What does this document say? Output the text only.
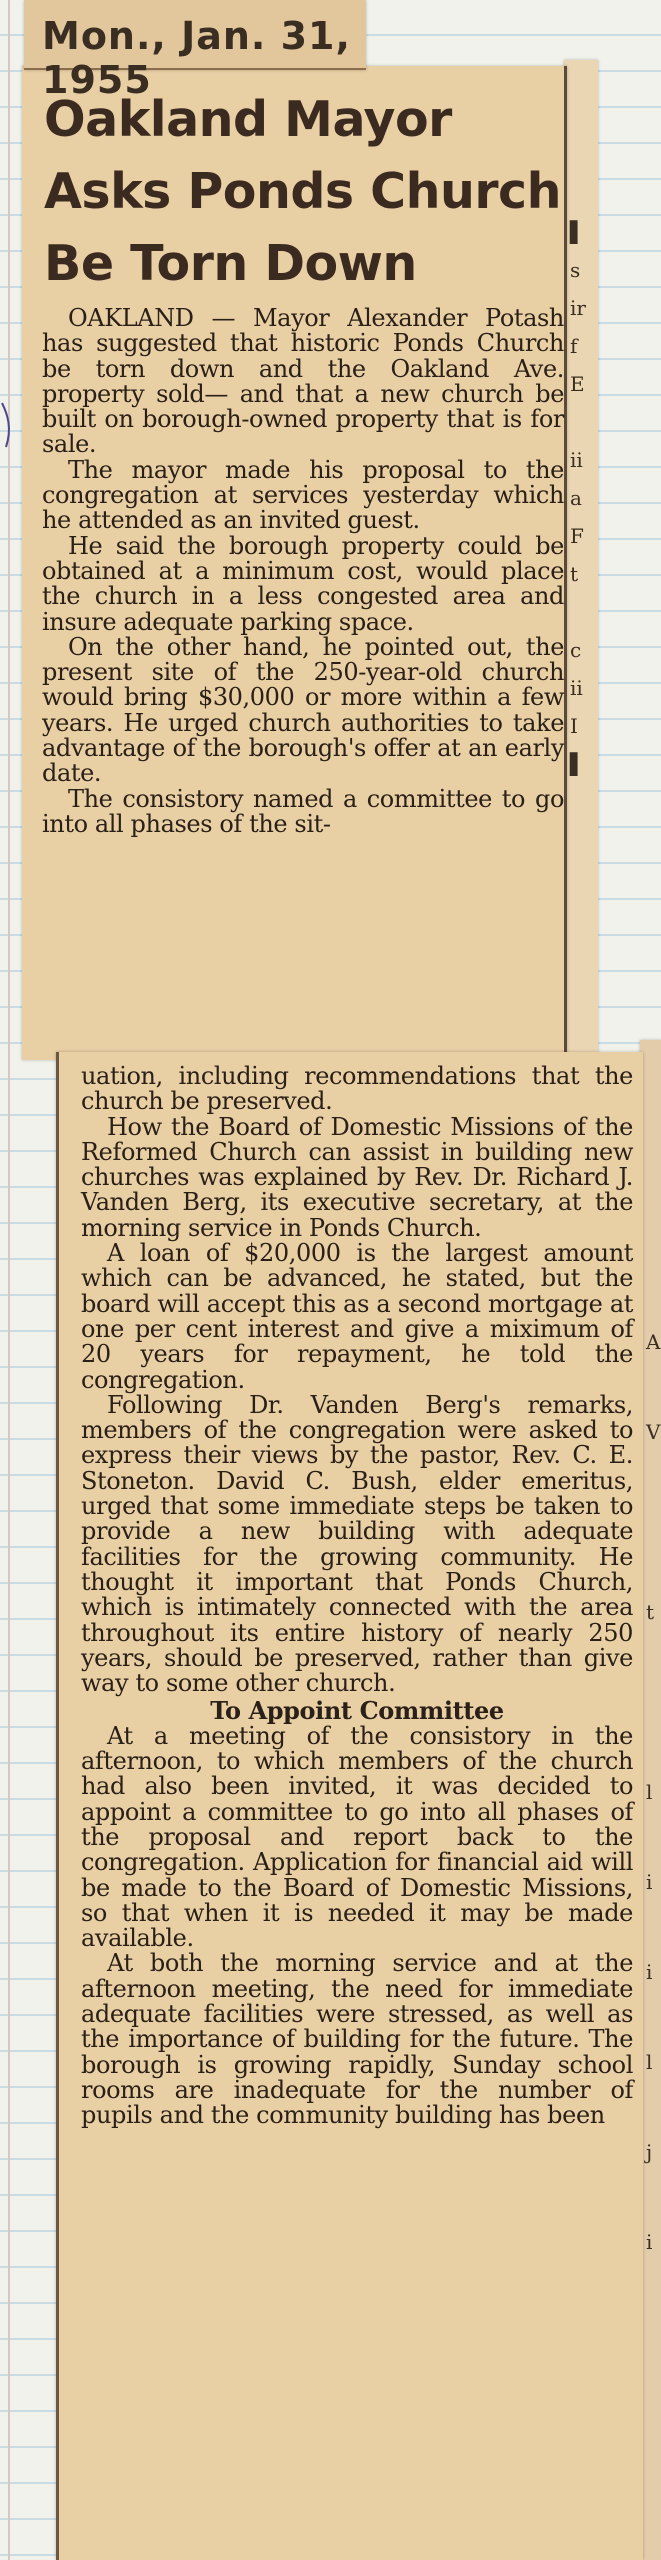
▌
s
ir
f
E
ii
a
F
t
c
ii
I
▌
A
V
t
l
i
i
l
j
i
Oakland Mayor Asks Ponds Church Be Torn Down

OAKLAND — Mayor Alexander Potash has suggested that historic Ponds Church be torn down and the Oakland Ave. property sold— and that a new church be built on borough-owned property that is for sale.

The mayor made his proposal to the congregation at services yesterday which he attended as an invited guest.

He said the borough property could be obtained at a minimum cost, would place the church in a less congested area and insure adequate parking space.

On the other hand, he pointed out, the present site of the 250-year-old church would bring $30,000 or more within a few years. He urged church authorities to take advantage of the borough's offer at an early date.

The consistory named a committee to go into all phases of the sit-

Mon., Jan. 31, 1955

uation, including recommendations that the church be preserved.

How the Board of Domestic Missions of the Reformed Church can assist in building new churches was explained by Rev. Dr. Richard J. Vanden Berg, its executive secretary, at the morning service in Ponds Church.

A loan of $20,000 is the largest amount which can be advanced, he stated, but the board will accept this as a second mortgage at one per cent interest and give a miximum of 20 years for repayment, he told the congregation.

Following Dr. Vanden Berg's remarks, members of the congregation were asked to express their views by the pastor, Rev. C. E. Stoneton. David C. Bush, elder emeritus, urged that some immediate steps be taken to provide a new building with adequate facilities for the growing community. He thought it important that Ponds Church, which is intimately connected with the area throughout its entire history of nearly 250 years, should be preserved, rather than give way to some other church.

To Appoint Committee

At a meeting of the consistory in the afternoon, to which members of the church had also been invited, it was decided to appoint a committee to go into all phases of the proposal and report back to the congregation. Application for financial aid will be made to the Board of Domestic Missions, so that when it is needed it may be made available.

At both the morning service and at the afternoon meeting, the need for immediate adequate facilities were stressed, as well as the importance of building for the future. The borough is growing rapidly, Sunday school rooms are inadequate for the number of pupils and the community building has been
